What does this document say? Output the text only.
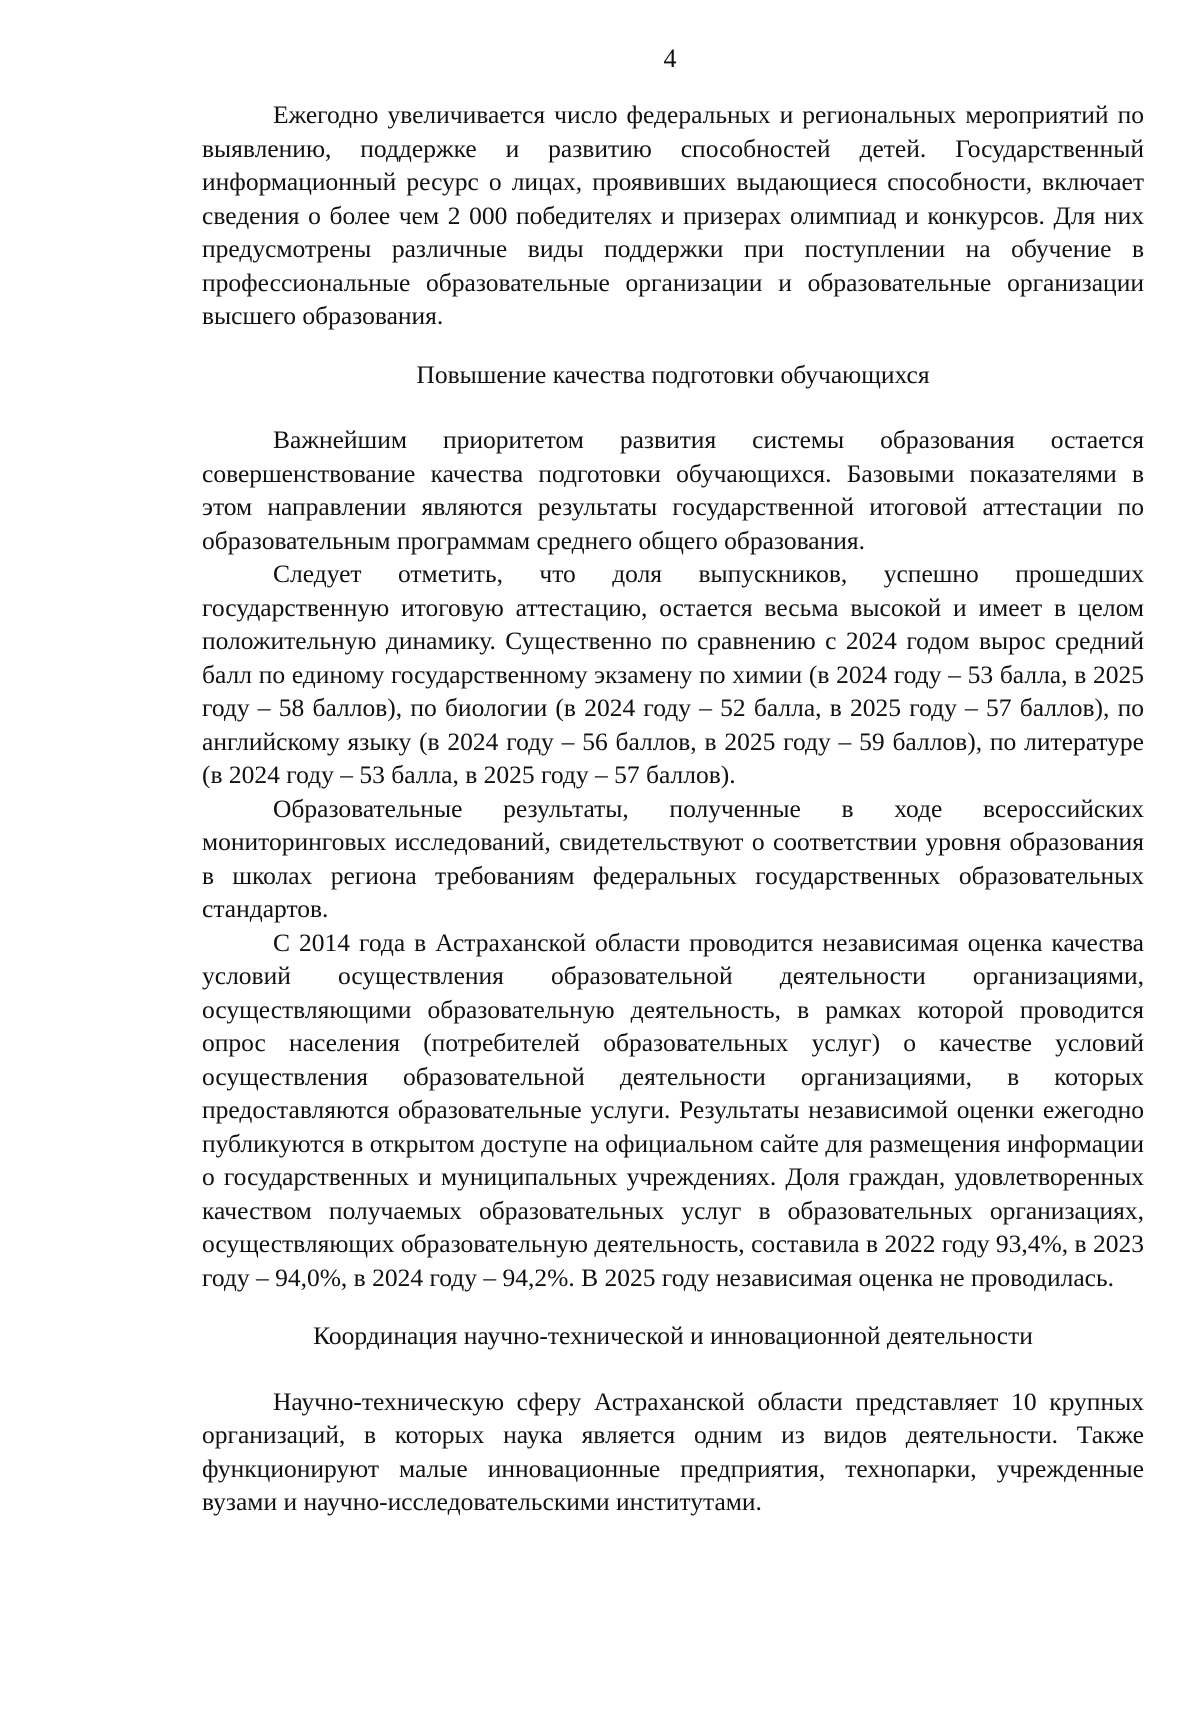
4

Ежегодно увеличивается число федеральных и региональных мероприятий по выявлению, поддержке и развитию способностей детей. Государственный информационный ресурс о лицах, проявивших выдающиеся способности, включает сведения о более чем 2 000 победителях и призерах олимпиад и конкурсов. Для них предусмотрены различные виды поддержки при поступлении на обучение в профессиональные образовательные организации и образовательные организации высшего образования.

Повышение качества подготовки обучающихся

Важнейшим приоритетом развития системы образования остается совершенствование качества подготовки обучающихся. Базовыми показателями в этом направлении являются результаты государственной итоговой аттестации по образовательным программам среднего общего образования.

Следует отметить, что доля выпускников, успешно прошедших государственную итоговую аттестацию, остается весьма высокой и имеет в целом положительную динамику. Существенно по сравнению с 2024 годом вырос средний балл по единому государственному экзамену по химии (в 2024 году – 53 балла, в 2025 году – 58 баллов), по биологии (в 2024 году – 52 балла, в 2025 году – 57 баллов), по английскому языку (в 2024 году – 56 баллов, в 2025 году – 59 баллов), по литературе (в 2024 году – 53 балла, в 2025 году – 57 баллов).

Образовательные результаты, полученные в ходе всероссийских мониторинговых исследований, свидетельствуют о соответствии уровня образования в школах региона требованиям федеральных государственных образовательных стандартов.

С 2014 года в Астраханской области проводится независимая оценка качества условий осуществления образовательной деятельности организациями, осуществляющими образовательную деятельность, в рамках которой проводится опрос населения (потребителей образовательных услуг) о качестве условий осуществления образовательной деятельности организациями, в которых предоставляются образовательные услуги. Результаты независимой оценки ежегодно публикуются в открытом доступе на официальном сайте для размещения информации о государственных и муниципальных учреждениях. Доля граждан, удовлетворенных качеством получаемых образовательных услуг в образовательных организациях, осуществляющих образовательную деятельность, составила в 2022 году 93,4%, в 2023 году – 94,0%, в 2024 году – 94,2%. В 2025 году независимая оценка не проводилась.

Координация научно-технической и инновационной деятельности

Научно-техническую сферу Астраханской области представляет 10 крупных организаций, в которых наука является одним из видов деятельности. Также функционируют малые инновационные предприятия, технопарки, учрежденные вузами и научно-исследовательскими институтами.
